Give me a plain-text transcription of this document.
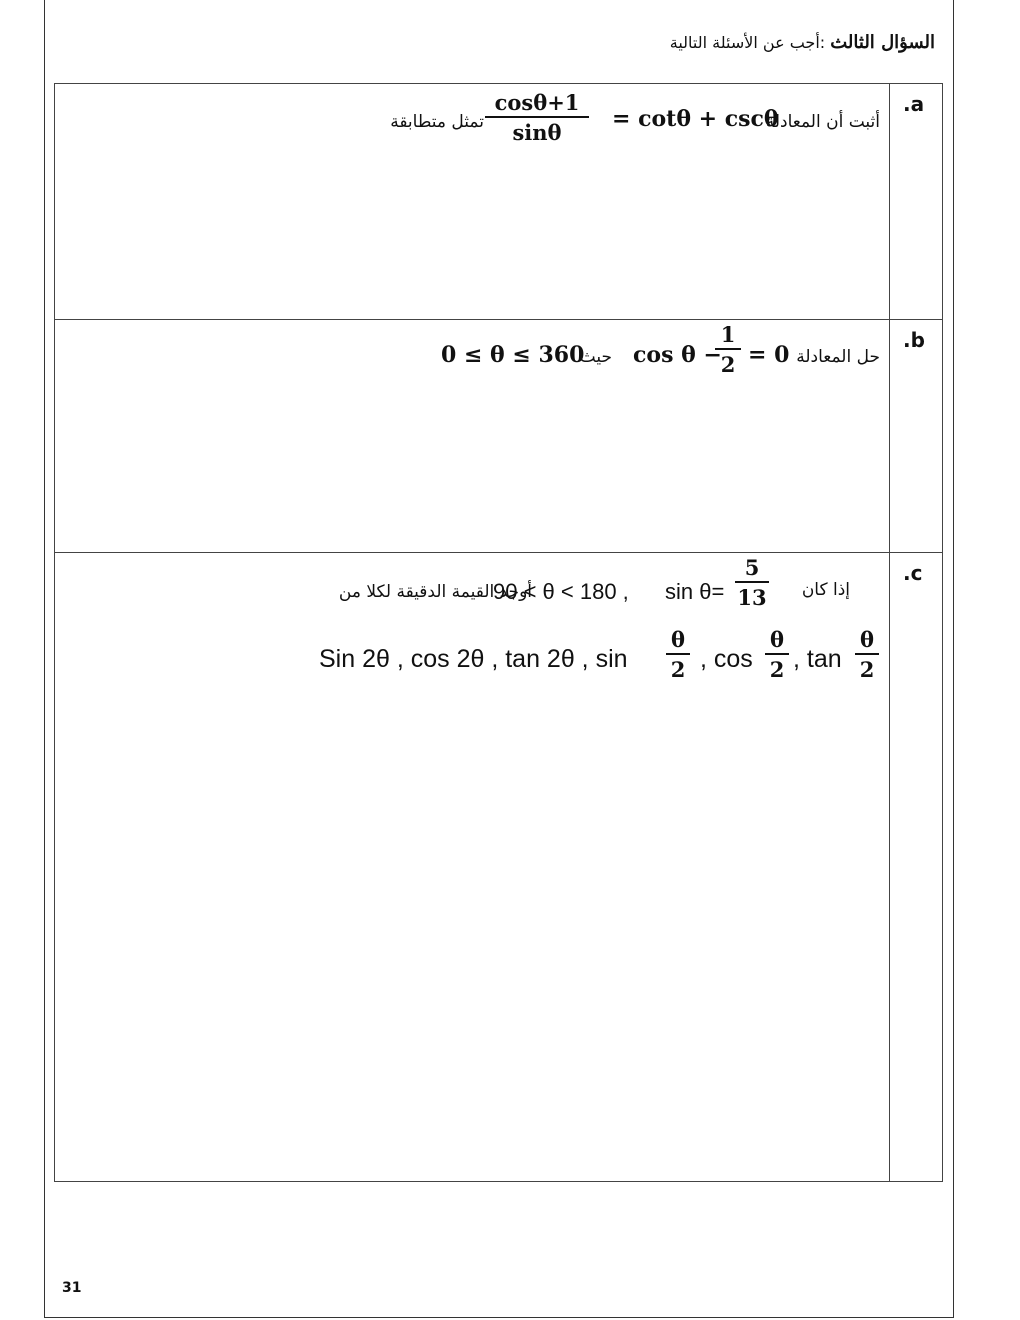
السؤال الثالث :أجب عن الأسئلة التالية
.a
أثبت أن المعادلة
= cotθ + cscθ
$\frac{\cos\theta+1}{\sin\theta}$
تمثل متطابقة
.b
حل المعادلة
= 0
$\frac{1}{2}$
cos θ −
حيث
0 ≤ θ ≤ 360
.c
إذا كان
$\frac{5}{13}$
sin θ=
90 < θ < 180 ,
أوجد القيمة الدقيقة لكلا من
Sin 2θ , cos 2θ , tan 2θ , $\sin \frac{\theta}{2}$ , $\cos \frac{\theta}{2}$ , $\tan \frac{\theta}{2}$
31
